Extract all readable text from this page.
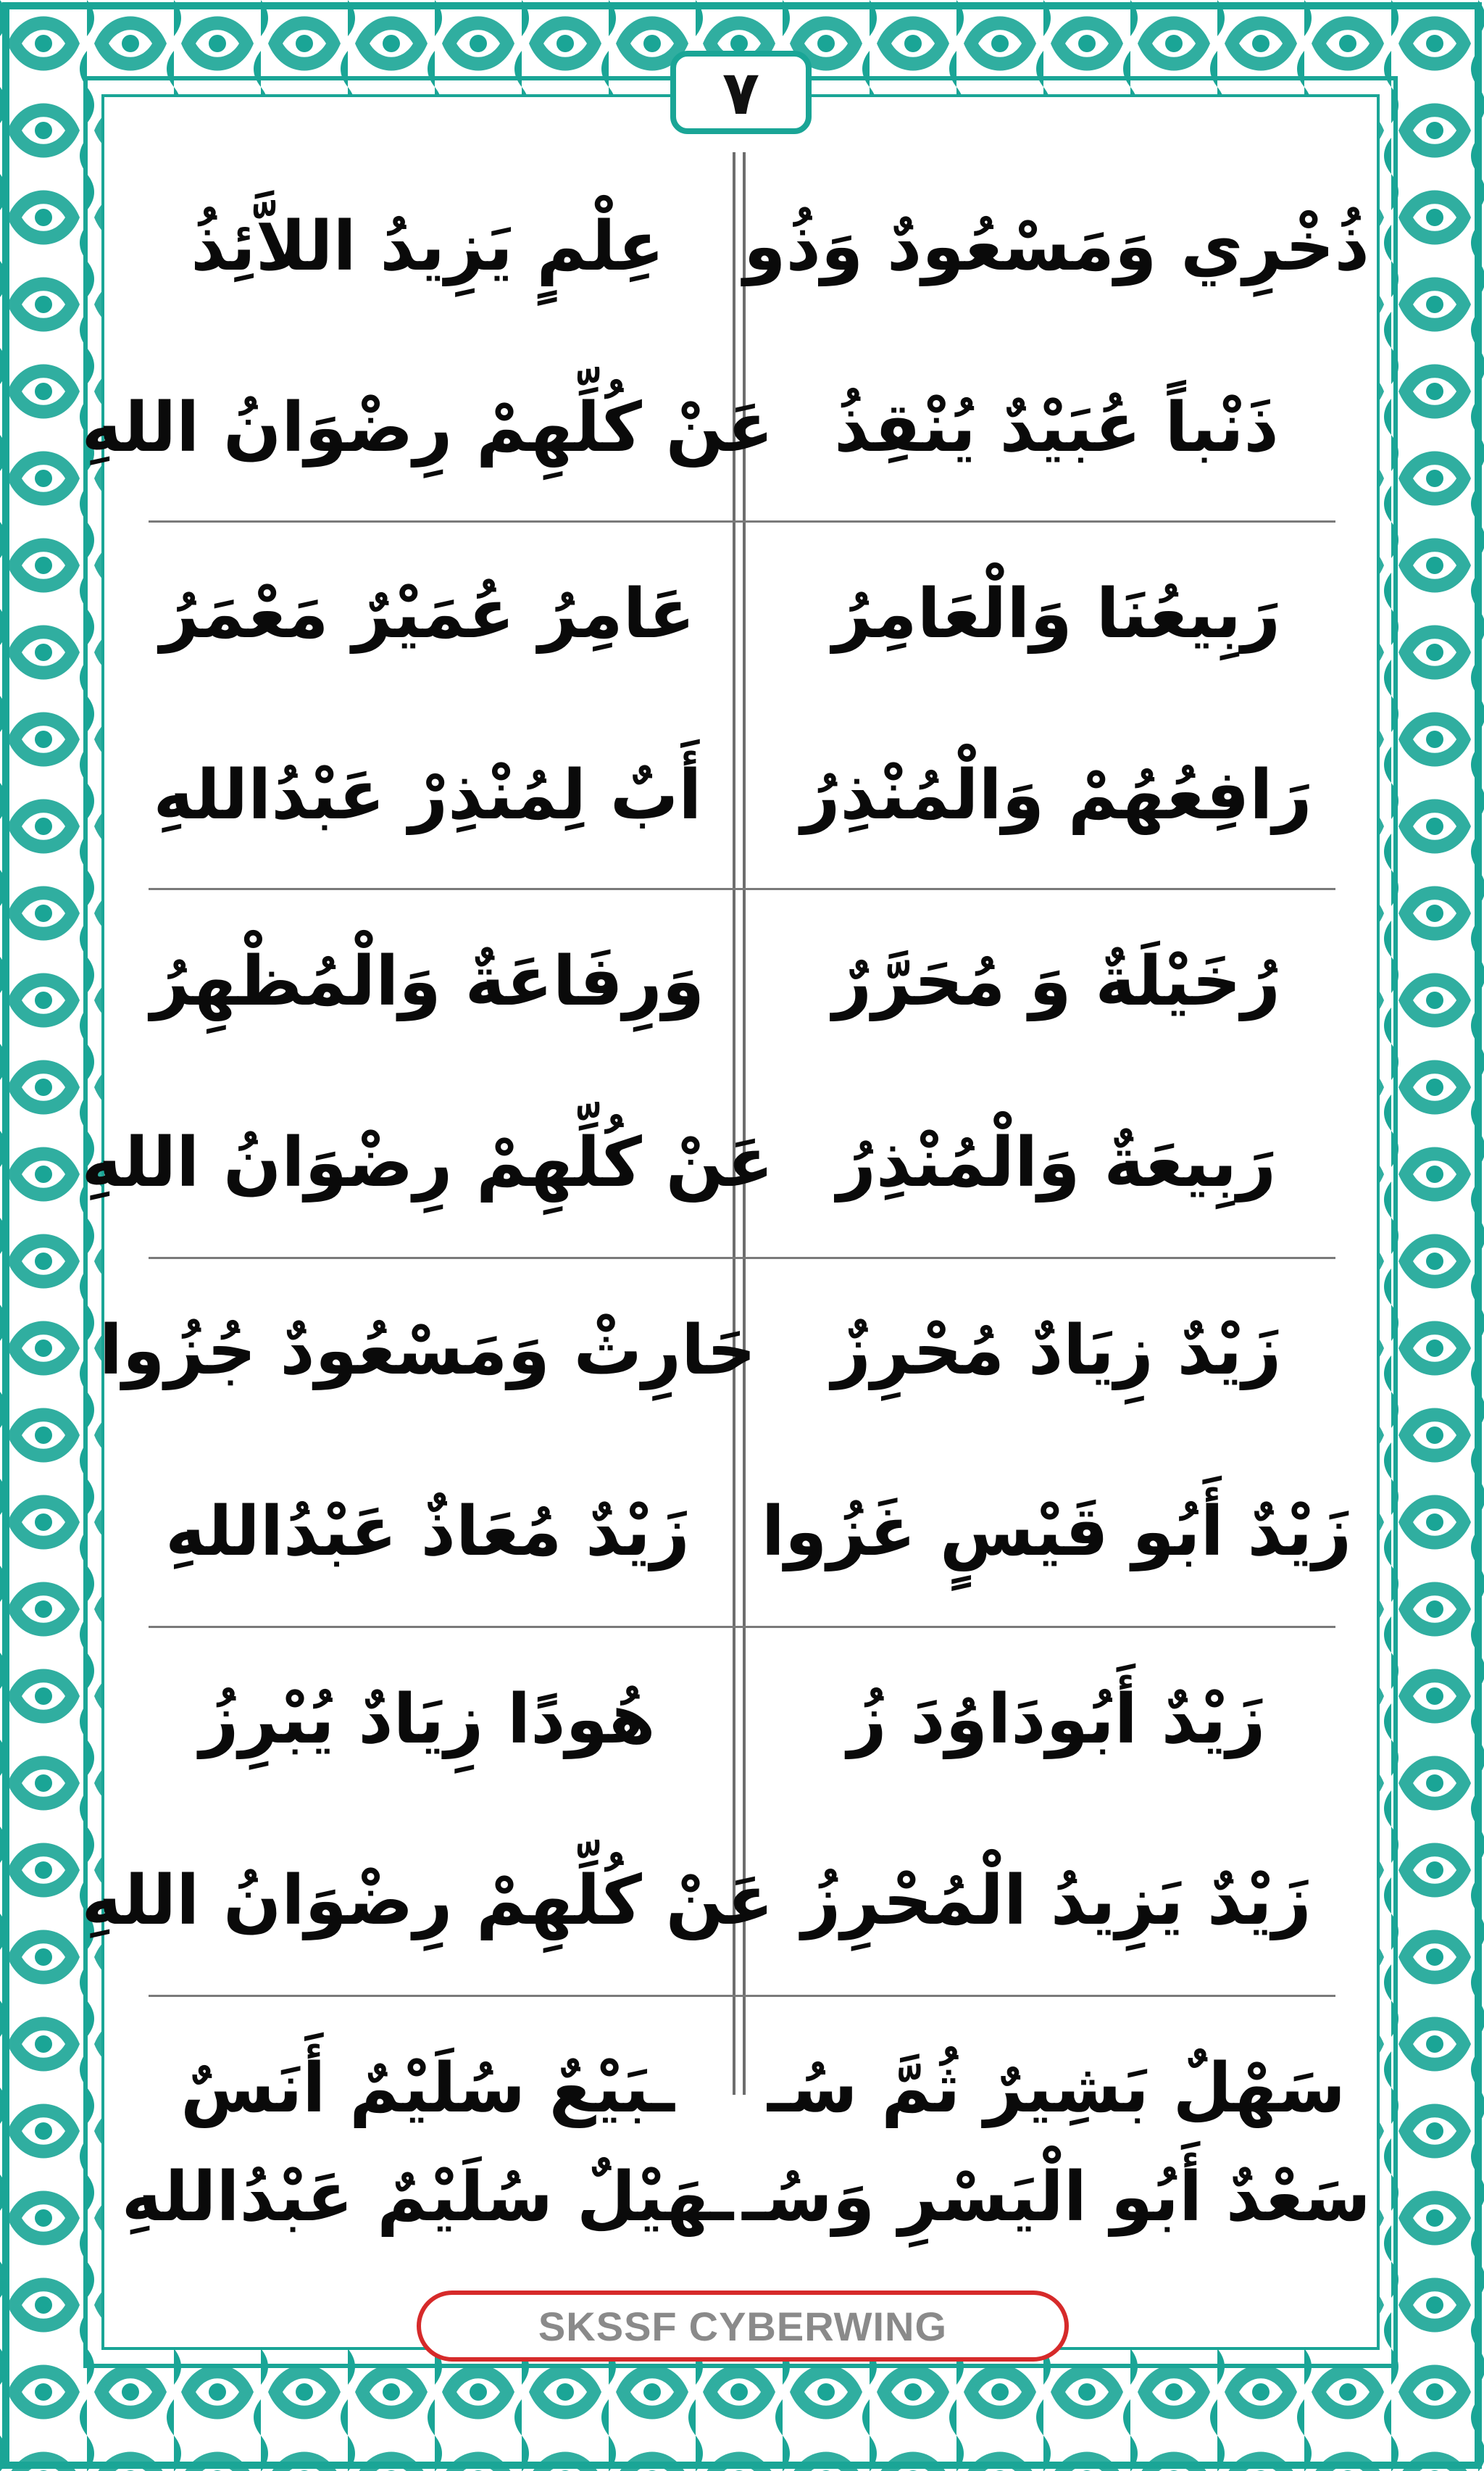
٧
ذُخْرِي وَمَسْعُودٌ وَذُو
عِلْمٍ يَزِيدُ اللاَّئِذُ
ذَنْباً عُبَيْدٌ يُنْقِذُ
عَنْ كُلِّهِمْ رِضْوَانُ اللهِ
رَبِيعُنَا وَالْعَامِرُ
عَامِرُ عُمَيْرٌ مَعْمَرُ
رَافِعُهُمْ وَالْمُنْذِرُ
أَبٌ لِمُنْذِرْ عَبْدُاللهِ
رُخَيْلَةٌ وَ مُحَرَّرٌ
وَرِفَاعَةٌ وَالْمُظْهِرُ
رَبِيعَةٌ وَالْمُنْذِرُ
عَنْ كُلِّهِمْ رِضْوَانُ اللهِ
زَيْدٌ زِيَادٌ مُحْرِزٌ
حَارِثْ وَمَسْعُودٌ جُزُوا
زَيْدٌ أَبُو قَيْسٍ غَزُوا
زَيْدٌ مُعَاذٌ عَبْدُاللهِ
زَيْدٌ أَبُودَاوُدَ زُ
هُودًا زِيَادٌ يُبْرِزُ
زَيْدٌ يَزِيدُ الْمُحْرِزُ
عَنْ كُلِّهِمْ رِضْوَانُ اللهِ
سَهْلٌ بَشِيرٌ ثُمَّ سُـ
ـبَيْعٌ سُلَيْمٌ أَنَسٌ
سَعْدٌ أَبُو الْيَسْرِ وَسُـ
ـهَيْلٌ سُلَيْمٌ عَبْدُاللهِ
SKSSF CYBERWING
